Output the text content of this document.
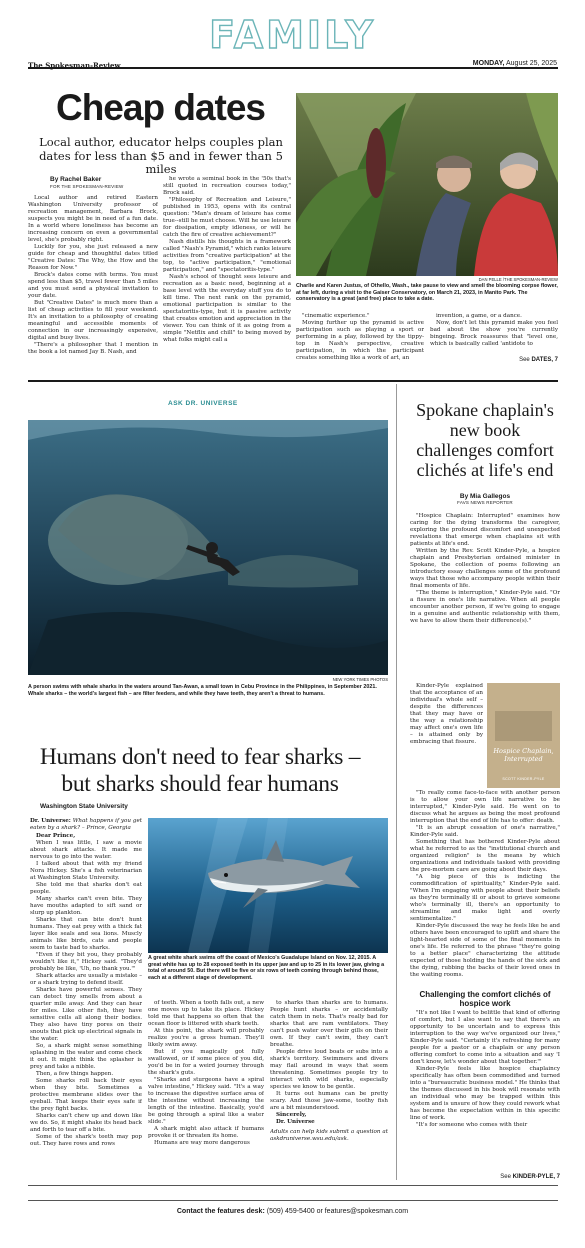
FAMILY
The Spokesman-Review	MONDAY, August 25, 2025
Cheap dates
Local author, educator helps couples plan dates for less than $5 and in fewer than 5 miles
By Rachel Baker
FOR THE SPOKESMAN-REVIEW

Local author and retired Eastern Washington University professor of recreation management, Barbara Brock, suspects you might be in need of a fun date. In a world where loneliness has become an increasing concern on even a governmental level, she's probably right.

Luckily for you, she just released a new guide for cheap and thoughtful dates titled "Creative Dates: The Why, the How and the Reason for Now."

Brock's dates come with terms. You must spend less than $5, travel fewer than 5 miles and you must send a physical invitation to your date.

But "Creative Dates" is much more than a list of cheap activities to fill your weekend. It's an invitation to a philosophy of creating meaningful and accessible moments of connection in our increasingly expensive, digital and busy lives.

"There's a philosopher that I mention in the book a lot named Jay B. Nash, and

he wrote a seminal book in the '50s that's still quoted in recreation courses today," Brock said.

"Philosophy of Recreation and Leisure," published in 1953, opens with its central question: "Man's dream of leisure has come true--still he must choose. Will he use leisure for dissipation, empty idleness, or will he catch the fire of creative achievement?"

Nash distills his thoughts in a framework called "Nash's Pyramid," which ranks leisure activities from "creative participation" at the top, to "active participation," "emotional participation," and "spectatoritis-type."

Nash's school of thought sees leisure and recreation as a basic need, beginning at a base level with the everyday stuff you do to kill time. The next rank on the pyramid, emotional participation is similar to the spectatoritis-type, but it is passive activity that creates emotion and appreciation in the viewer. You can think of it as going from a simple "Netflix and chill" to being moved by what folks might call a

DAN PELLE /THE SPOKESMAN-REVIEW
Charlie and Karen Justus, of Othello, Wash., take pause to view and smell the blooming corpse flower, at far left, during a visit to the Gaiser Conservatory, on March 21, 2023, in Manito Park. The conservatory is a great (and free) place to take a date.

"cinematic experience."

Moving further up the pyramid is active participation such as playing a sport or performing in a play, followed by the tippy-top in Nash's perspective, creative participation, in which the participant creates something like a work of art, an

invention, a game, or a dance.

Now, don't let this pyramid make you feel bad about the show you're currently bingeing. Brock reassures that "level one, which is basically called 'antidote to

See DATES, 7
ASK DR. UNIVERSE
NEW YORK TIMES PHOTOS
A person swims with whale sharks in the waters around Tan-Awan, a small town in Cebu Province in the Philippines, in September 2021. Whale sharks – the world's largest fish – are filter feeders, and while they have teeth, they aren't a threat to humans.
Humans don't need to fear sharks – but sharks should fear humans
Washington State University
Dr. Universe: What happens if you get eaten by a shark? – Prince, Georgia
Dear Prince,

When I was little, I saw a movie about shark attacks. It made me nervous to go into the water.

I talked about that with my friend Nora Hickey. She's a fish veterinarian at Washington State University.

She told me that sharks don't eat people.

Many sharks can't even bite. They have mouths adapted to sift sand or slurp up plankton.

Sharks that can bite don't hunt humans. They eat prey with a thick fat layer like seals and sea lions. Muscly animals like birds, cats and people seem to taste bad to sharks.

"Even if they bit you, they probably wouldn't like it," Hickey said. "They'd probably be like, 'Uh, no thank you.'"

Shark attacks are usually a mistake – or a shark trying to defend itself.

Sharks have powerful senses. They can detect tiny smells from about a quarter mile away. And they can hear for miles. Like other fish, they have sensitive cells all along their bodies. They also have tiny pores on their snouts that pick up electrical signals in the water.

So, a shark might sense something splashing in the water and come check it out. It might think the splasher is prey and take a nibble.

Then, a few things happen.

Some sharks roll back their eyes when they bite. Sometimes a protective membrane slides over the eyeball. That keeps their eyes safe if the prey fight backs.

Sharks can't chew up and down like we do. So, it might shake its head back and forth to tear off a bite.

Some of the shark's teeth may pop out. They have rows and rows

A great white shark swims off the coast of Mexico's Guadalupe Island on Nov. 12, 2015. A great white has up to 28 exposed teeth in its upper jaw and up to 25 in its lower jaw, giving a total of around 50. But there will be five or six rows of teeth coming through behind those, each at a different stage of development.

of teeth. When a tooth falls out, a new one moves up to take its place. Hickey told me that happens so often that the ocean floor is littered with shark teeth.

At this point, the shark will probably realize you're a gross human. They'll likely swim away.

But if you magically got fully swallowed, or if some piece of you did, you'd be in for a weird journey through the shark's guts.

"Sharks and sturgeons have a spiral valve intestine," Hickey said. "It's a way to increase the digestive surface area of the intestine without increasing the length of the intestine. Basically, you'd be going through a spiral like a water slide."

A shark might also attack if humans provoke it or threaten its home.

Humans are way more dangerous

to sharks than sharks are to humans. People hunt sharks – or accidentally catch them in nets. That's really bad for sharks that are ram ventilators. They can't push water over their gills on their own. If they can't swim, they can't breathe.

People drive loud boats or subs into a shark's territory. Swimmers and divers may flail around in ways that seem threatening. Sometimes people try to interact with wild sharks, especially species we know to be gentle.

It turns out humans can be pretty scary. And those jaw-some, toothy fish are a bit misunderstood.

Sincerely,
Dr. Universe
Adults can help kids submit a question at askdruniverse.wsu.edu/ask.
Spokane chaplain's new book challenges comfort clichés at life's end
By Mia Gallegos
FAVS NEWS REPORTER

"Hospice Chaplain: Interrupted" examines how caring for the dying transforms the caregiver, exploring the profound discomfort and unexpected revelations that emerge when chaplains sit with patients at life's end.

Written by the Rev. Scott Kinder-Pyle, a hospice chaplain and Presbyterian ordained minister in Spokane, the collection of poems following an introductory essay challenges some of the profound ways that those who accompany people within their final moments of life.

"The theme is interruption," Kinder-Pyle said. "Or a fissure in one's life narrative. When all people encounter another person, if we're going to engage in a genuine and authentic relationship with them, we have to allow them their difference(s)."

Kinder-Pyle explained that the acceptance of an individual's whole self – despite the differences that they may have or the way a relationship may affect one's own life – is attained only by embracing that fissure.

Hospice Chaplain, Interrupted
SCOTT KINDER-PYLE

"To really come face-to-face with another person is to allow your own life narrative to be interrupted," Kinder-Pyle said. He went on to discuss what he argues as being the most profound interruption that the end of life has to offer: death.

"It is an abrupt cessation of one's narrative," Kinder-Pyle said.

Something that has bothered Kinder-Pyle about what he referred to as the "institutional church and organized religion" is the means by which organizations and individuals tasked with providing the pre-mortem care are going about their days.

"A big piece of this is indicting the commodification of spirituality," Kinder-Pyle said. "When I'm engaging with people about their beliefs as they're terminally ill or about to grieve someone who's terminally ill, there's an opportunity to streamline and make light and overly sentimentalize."

Kinder-Pyle discussed the way he feels like he and others have been encouraged to uplift and share the light-hearted side of some of the final moments in one's life. He referred to the phrase "they're going to a better place" characterizing the attitude expected of those holding the hands of the sick and the dying, rubbing the backs of their loved ones in the waiting rooms.

Challenging the comfort clichés of hospice work

"It's not like I want to belittle that kind of offering of comfort, but I also want to say that there's an opportunity to be uncertain and to express this interruption to the way we've organized our lives," Kinder-Pyle said. "Certainly it's refreshing for many people for a pastor or a chaplain or any person offering comfort to come into a situation and say 'I don't know, let's wonder about that together.'"

Kinder-Pyle feels like hospice chaplaincy specifically has often been commodified and turned into a "bureaucratic business model." He thinks that the themes discussed in his book will resonate with an individual who may be trapped within this system and is unsure of how they could rework what has become the expectation within in this specific line of work.

"It's for someone who comes with their

See KINDER-PYLE, 7
Contact the features desk: (509) 459-5400 or features@spokesman.com
